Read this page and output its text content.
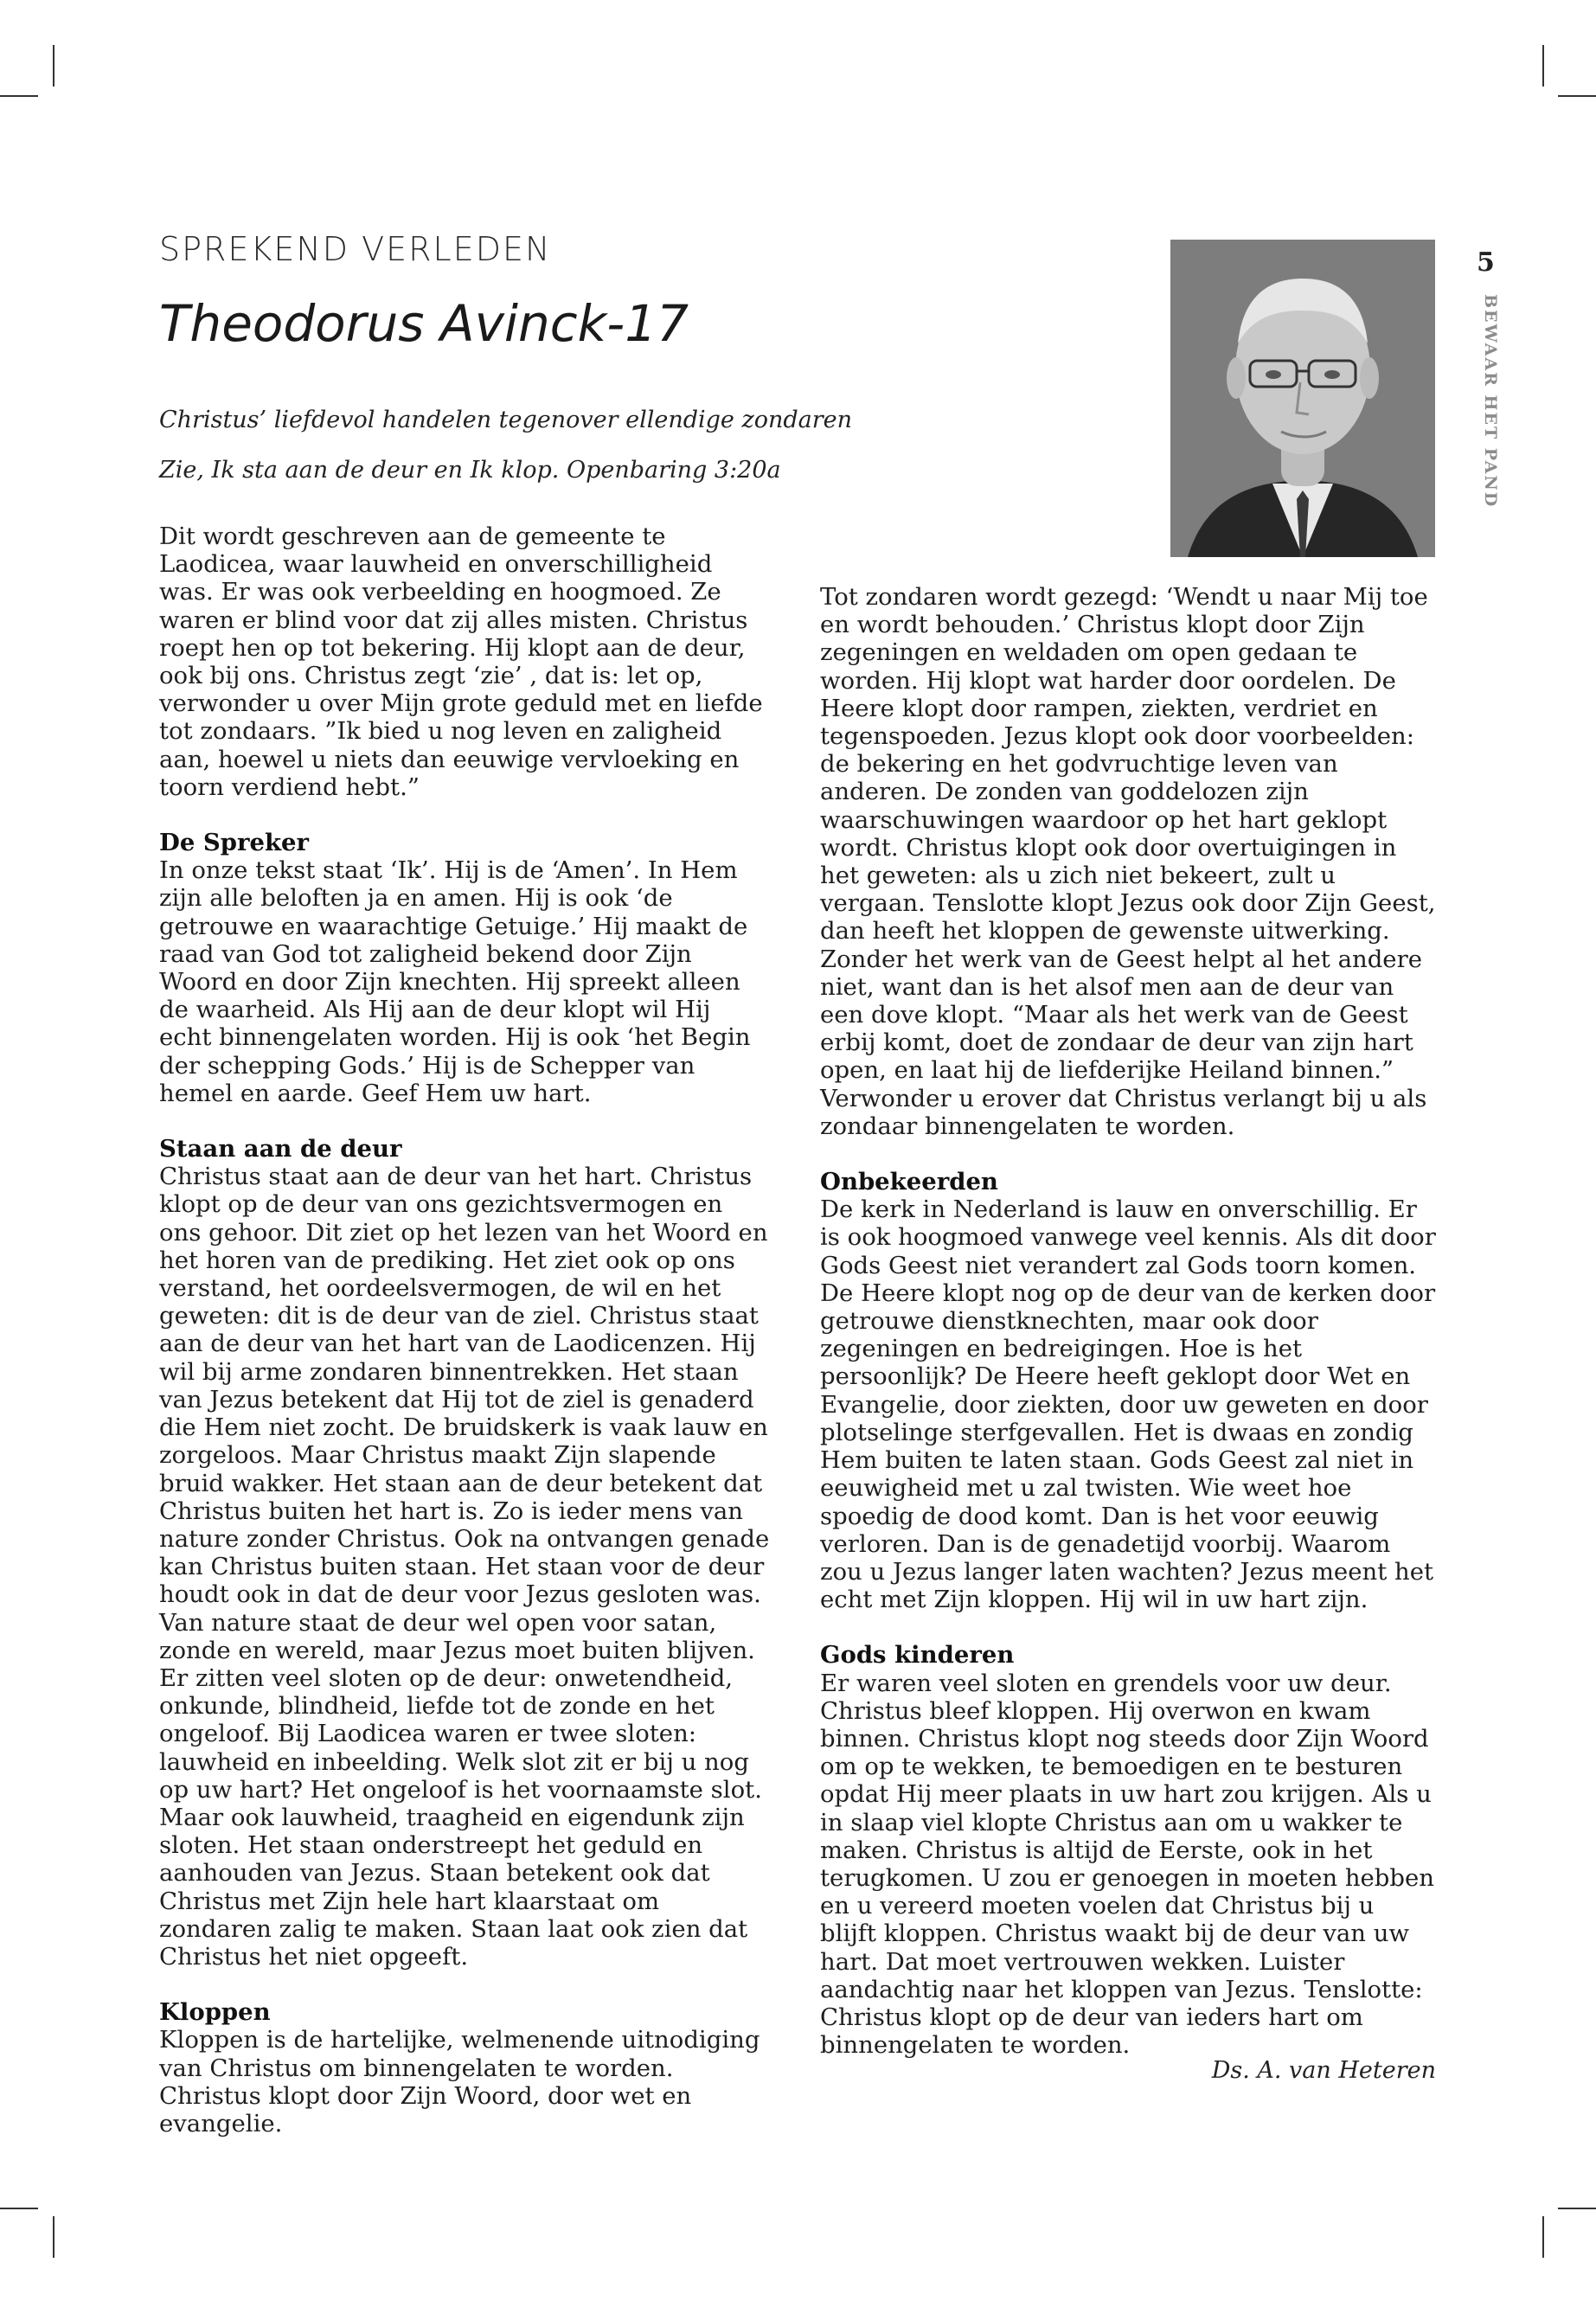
SPREKEND VERLEDEN
Theodorus Avinck-17

Christus’ liefdevol handelen tegenover ellendige zondaren

Zie, Ik sta aan de deur en Ik klop. Openbaring 3:20a

5

BEWAAR HET PAND

Dit wordt geschreven aan de gemeente te Laodicea, waar lauwheid en onverschilligheid was. Er was ook verbeelding en hoogmoed. Ze waren er blind voor dat zij alles misten. Christus roept hen op tot bekering. Hij klopt aan de deur, ook bij ons. Christus zegt ‘zie’ , dat is: let op, verwonder u over Mijn grote geduld met en liefde tot zondaars. ”Ik bied u nog leven en zaligheid aan, hoewel u niets dan eeuwige vervloeking en toorn verdiend hebt.”

De Spreker

In onze tekst staat ‘Ik’. Hij is de ‘Amen’. In Hem zijn alle beloften ja en amen. Hij is ook ‘de getrouwe en waarachtige Getuige.’ Hij maakt de raad van God tot zaligheid bekend door Zijn Woord en door Zijn knechten. Hij spreekt alleen de waarheid. Als Hij aan de deur klopt wil Hij echt binnengelaten worden. Hij is ook ‘het Begin der schepping Gods.’ Hij is de Schepper van hemel en aarde. Geef Hem uw hart.

Staan aan de deur

Christus staat aan de deur van het hart. Christus klopt op de deur van ons gezichtsvermogen en ons gehoor. Dit ziet op het lezen van het Woord en het horen van de prediking. Het ziet ook op ons verstand, het oordeelsvermogen, de wil en het geweten: dit is de deur van de ziel. Christus staat aan de deur van het hart van de Laodicenzen. Hij wil bij arme zondaren binnentrekken. Het staan van Jezus betekent dat Hij tot de ziel is genaderd die Hem niet zocht. De bruidskerk is vaak lauw en zorgeloos. Maar Christus maakt Zijn slapende bruid wakker. Het staan aan de deur betekent dat Christus buiten het hart is. Zo is ieder mens van nature zonder Christus. Ook na ontvangen genade kan Christus buiten staan. Het staan voor de deur houdt ook in dat de deur voor Jezus gesloten was. Van nature staat de deur wel open voor satan, zonde en wereld, maar Jezus moet buiten blijven. Er zitten veel sloten op de deur: onwetendheid, onkunde, blindheid, liefde tot de zonde en het ongeloof. Bij Laodicea waren er twee sloten: lauwheid en inbeelding. Welk slot zit er bij u nog op uw hart? Het ongeloof is het voornaamste slot. Maar ook lauwheid, traagheid en eigendunk zijn sloten. Het staan onderstreept het geduld en aanhouden van Jezus. Staan betekent ook dat Christus met Zijn hele hart klaarstaat om zondaren zalig te maken. Staan laat ook zien dat Christus het niet opgeeft.

Kloppen

Kloppen is de hartelijke, welmenende uitnodiging van Christus om binnengelaten te worden. Christus klopt door Zijn Woord, door wet en evangelie.

Tot zondaren wordt gezegd: ‘Wendt u naar Mij toe en wordt behouden.’ Christus klopt door Zijn zegeningen en weldaden om open gedaan te worden. Hij klopt wat harder door oordelen. De Heere klopt door rampen, ziekten, verdriet en tegenspoeden. Jezus klopt ook door voorbeelden: de bekering en het godvruchtige leven van anderen. De zonden van goddelozen zijn waarschuwingen waardoor op het hart geklopt wordt. Christus klopt ook door overtuigingen in het geweten: als u zich niet bekeert, zult u vergaan. Tenslotte klopt Jezus ook door Zijn Geest, dan heeft het kloppen de gewenste uitwerking. Zonder het werk van de Geest helpt al het andere niet, want dan is het alsof men aan de deur van een dove klopt. “Maar als het werk van de Geest erbij komt, doet de zondaar de deur van zijn hart open, en laat hij de liefderijke Heiland binnen.” Verwonder u erover dat Christus verlangt bij u als zondaar binnengelaten te worden.

Onbekeerden

De kerk in Nederland is lauw en onverschillig. Er is ook hoogmoed vanwege veel kennis. Als dit door Gods Geest niet verandert zal Gods toorn komen. De Heere klopt nog op de deur van de kerken door getrouwe dienstknechten, maar ook door zegeningen en bedreigingen. Hoe is het persoonlijk? De Heere heeft geklopt door Wet en Evangelie, door ziekten, door uw geweten en door plotselinge sterfgevallen. Het is dwaas en zondig Hem buiten te laten staan. Gods Geest zal niet in eeuwigheid met u zal twisten. Wie weet hoe spoedig de dood komt. Dan is het voor eeuwig verloren. Dan is de genadetijd voorbij. Waarom zou u Jezus langer laten wachten? Jezus meent het echt met Zijn kloppen. Hij wil in uw hart zijn.

Gods kinderen

Er waren veel sloten en grendels voor uw deur. Christus bleef kloppen. Hij overwon en kwam binnen. Christus klopt nog steeds door Zijn Woord om op te wekken, te bemoedigen en te besturen opdat Hij meer plaats in uw hart zou krijgen. Als u in slaap viel klopte Christus aan om u wakker te maken. Christus is altijd de Eerste, ook in het terugkomen. U zou er genoegen in moeten hebben en u vereerd moeten voelen dat Christus bij u blijft kloppen. Christus waakt bij de deur van uw hart. Dat moet vertrouwen wekken. Luister aandachtig naar het kloppen van Jezus. Tenslotte: Christus klopt op de deur van ieders hart om binnengelaten te worden.

Ds. A. van Heteren
